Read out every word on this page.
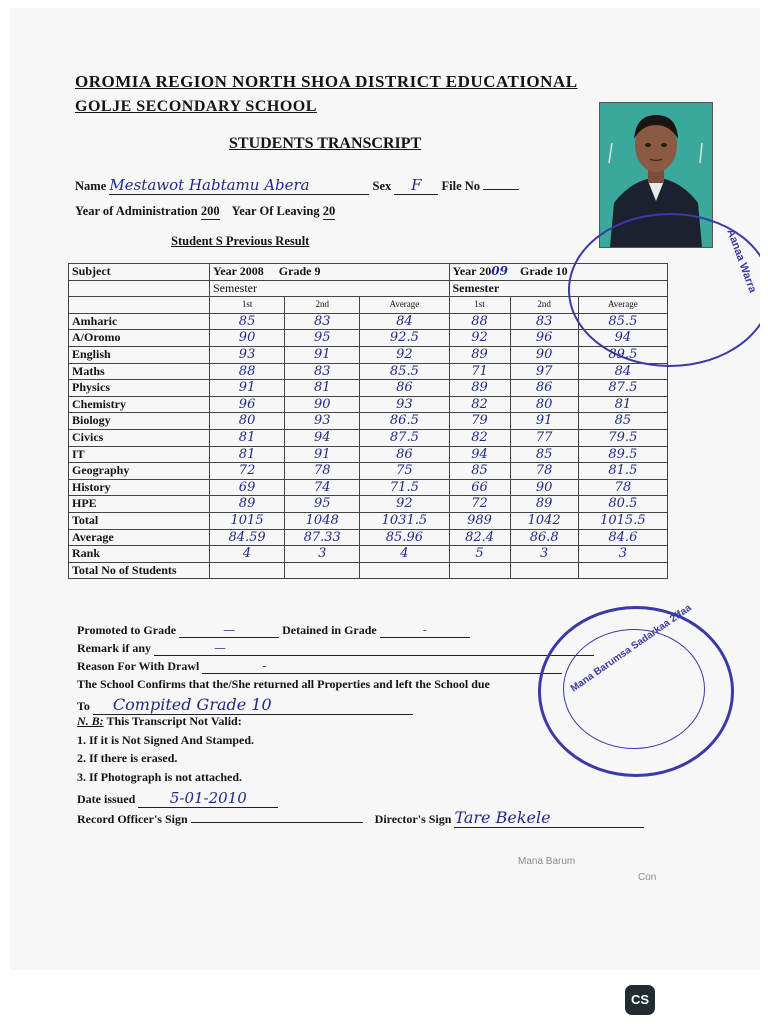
OROMIA REGION NORTH SHOA DISTRICT EDUCATIONAL
GOLJE SECONDARY SCHOOL
STUDENTS TRANSCRIPT
Name Mestawot Habtamu Abera	Sex F File No
Year of Administration 200 Year Of Leaving 20
Student S Previous Result	Aanaa Warra
Subject	Year 2008 Grade 9			Year 2009 Grade 10		
	Semester			Semester		
	1st	2nd	Average	1st	2nd	Average
Amharic	85	83	84	88	83	85.5
A/Oromo	90	95	92.5	92	96	94
English	93	91	92	89	90	89.5
Maths	88	83	85.5	71	97	84
Physics	91	81	86	89	86	87.5
Chemistry	96	90	93	82	80	81
Biology	80	93	86.5	79	91	85
Civics	81	94	87.5	82	77	79.5
IT	81	91	86	94	85	89.5
Geography	72	78	75	85	78	81.5
History	69	74	71.5	66	90	78
HPE	89	95	92	72	89	80.5
Total	1015	1048	1031.5	989	1042	1015.5
Average	84.59	87.33	85.96	82.4	86.8	84.6
Rank	4	3	4	5	3	3
Total No of Students						
Promoted to Grade	—	Detained in Grade	-
Remark if any	—
Reason For With Drawl	-
The School Confirms that the/She returned all Properties and left the School due
To Compited Grade 10
N. B: This Transcript Not Valid:
1. If it is Not Signed And Stamped.
2. If there is erased.
3. If Photograph is not attached.
Date issued 5-01-2010
Record Officer's Sign	Director's Sign Tare Bekele
Mana Barumsa Sadarkaa 2ffaa
Mana Barum
Con
CS
